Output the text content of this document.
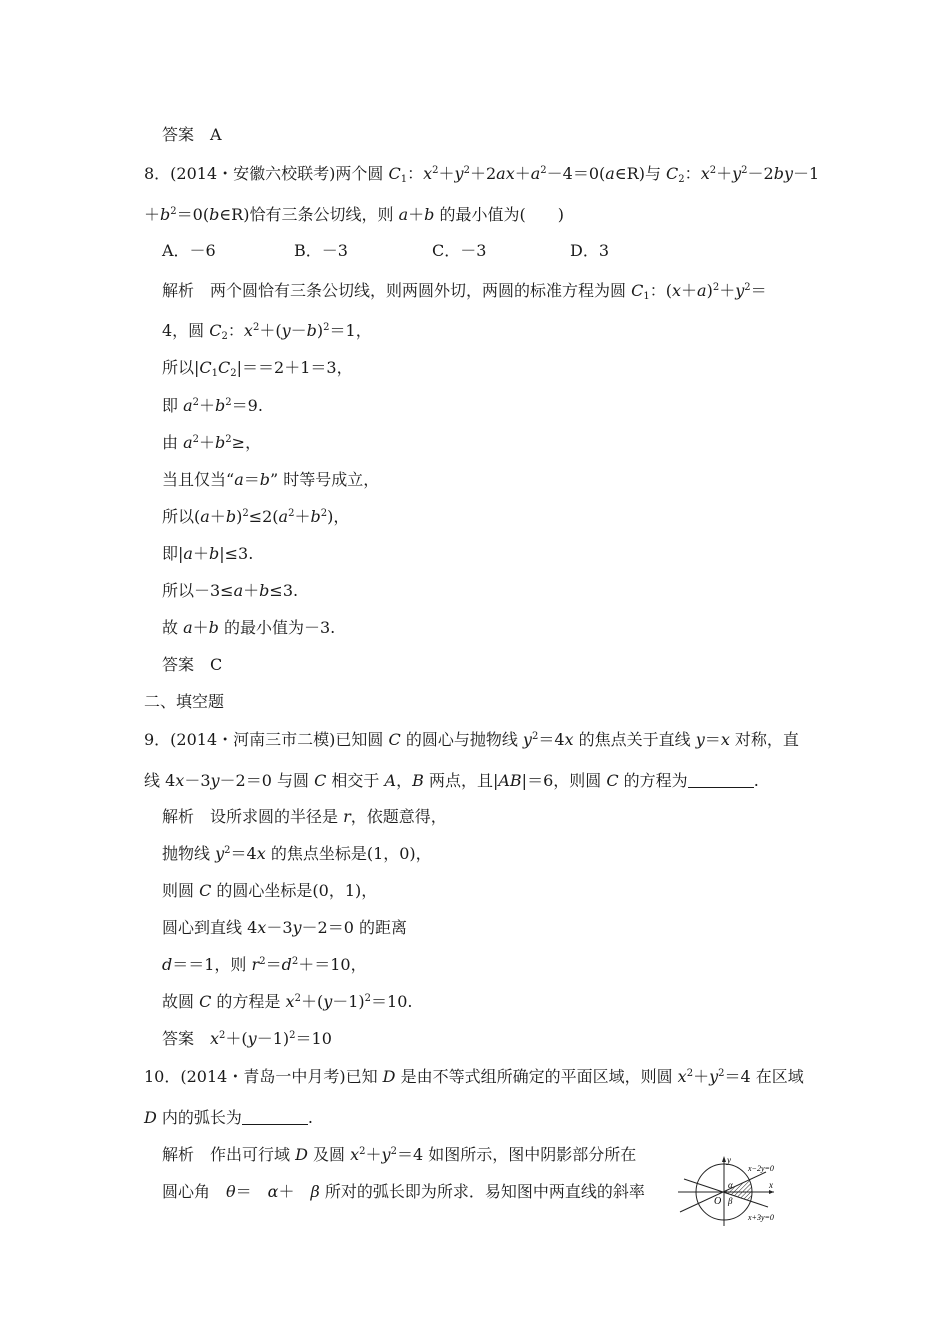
答案　A
8．(2014・安徽六校联考)两个圆 $C_1$：$x^2+y^2+2ax+a^2-4=0(a\in R)$与 $C_2$：$x^2+y^2-2by-1$
$+b^2=0(b\in R)$恰有三条公切线，则 a＋b 的最小值为(　　)
A．－6	B．－3	C．－3	D．3
解析　两个圆恰有三条公切线，则两圆外切，两圆的标准方程为圆 $C_1$：$(x+a)^2+y^2=$
4，圆 $C_2$：$x^2+(y-b)^2=1$，
所以$|C_1C_2|==2+1=3$，
即 $a^2+b^2=9$.
由 $a^2+b^2\ge$，
当且仅当“a＝b” 时等号成立，
所以$(a+b)^2\le 2(a^2+b^2)$，
即|a＋b|≤3.
所以－3≤a＋b≤3.
故 a＋b 的最小值为－3.
答案　C
二、填空题
9．(2014・河南三市二模)已知圆 C 的圆心与抛物线 $y^2=4x$ 的焦点关于直线 y＝x 对称，直
线 4x－3y－2＝0 与圆 C 相交于 A，B 两点，且|AB|＝6，则圆 C 的方程为	.
解析　设所求圆的半径是 r，依题意得，
抛物线 $y^2=4x$ 的焦点坐标是(1，0)，
则圆 C 的圆心坐标是(0，1)，
圆心到直线 4x－3y－2＝0 的距离
d＝＝1，则 $r^2=d^2+=10$，
故圆 C 的方程是 $x^2+(y-1)^2=10$.
答案　$x^2+(y-1)^2=10$
10．(2014・青岛一中月考)已知 D 是由不等式组所确定的平面区域，则圆 $x^2+y^2=4$ 在区域
D 内的弧长为	.
解析　作出可行域 D 及圆 $x^2+y^2=4$ 如图所示，图中阴影部分所在
圆心角　θ＝　α＋　β 所对的弧长即为所求．易知图中两直线的斜率
y
x
O
α
β
x−2y=0
x+3y=0
